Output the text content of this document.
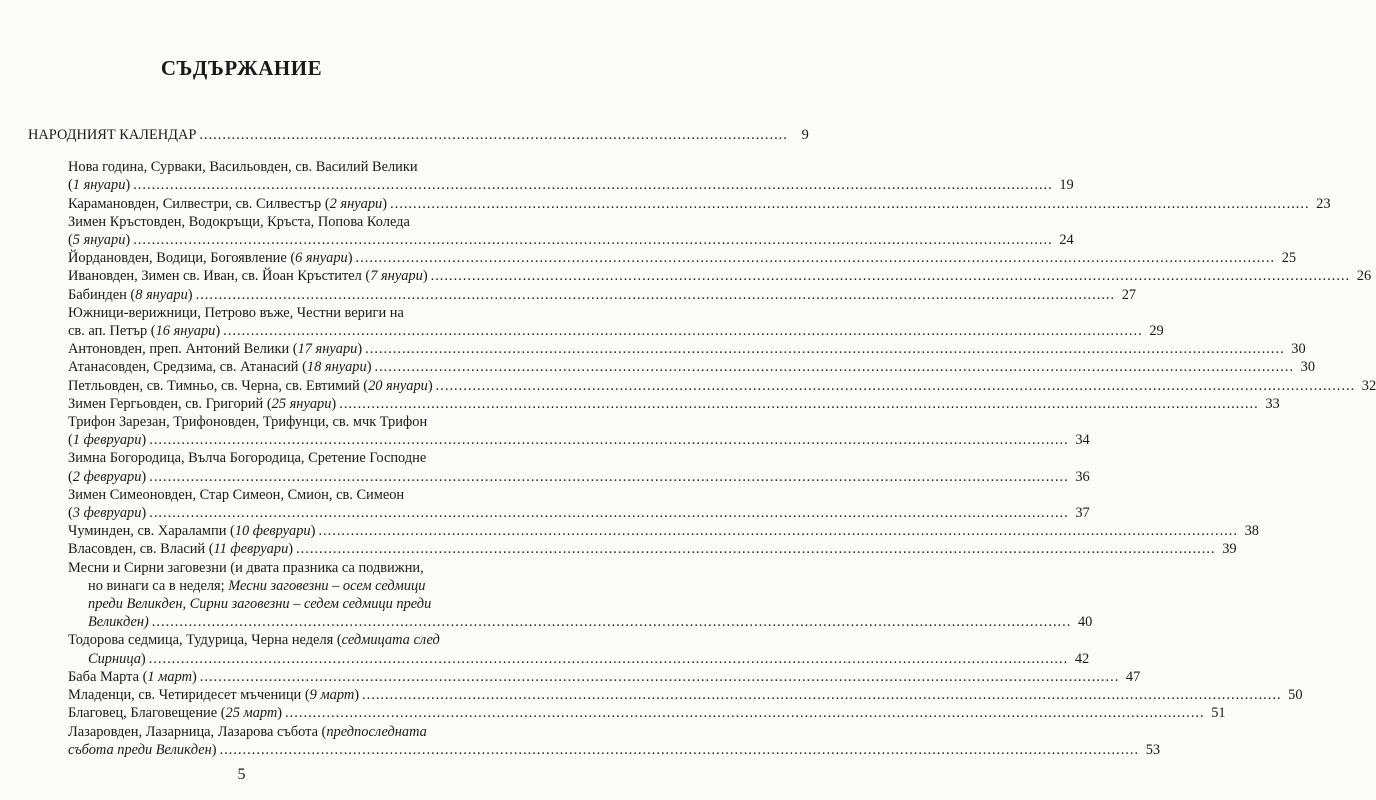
СЪДЪРЖАНИЕ
НАРОДНИЯТ КАЛЕНДАР ................................................................................................................................ 9
Нова година, Сурваки, Васильовден, св. Василий Велики
(1 януари) ........................................................................................................................................................................................................ 19
Карамановден, Силвестри, св. Силвестър (2 януари) ........................................................................................................................................................................................................ 23
Зимен Кръстовден, Водокръщи, Кръста, Попова Коледа
(5 януари) ........................................................................................................................................................................................................ 24
Йордановден, Водици, Богоявление (6 януари) ........................................................................................................................................................................................................ 25
Ивановден, Зимен св. Иван, св. Йоан Кръстител (7 януари) ........................................................................................................................................................................................................ 26
Бабинден (8 януари) ........................................................................................................................................................................................................ 27
Южници-верижници, Петрово въже, Честни вериги на
св. ап. Петър (16 януари) ........................................................................................................................................................................................................ 29
Антоновден, преп. Антоний Велики (17 януари) ........................................................................................................................................................................................................ 30
Атанасовден, Средзима, св. Атанасий (18 януари) ........................................................................................................................................................................................................ 30
Петльовден, св. Тимньо, св. Черна, св. Евтимий (20 януари) ........................................................................................................................................................................................................ 32
Зимен Гергьовден, св. Григорий (25 януари) ........................................................................................................................................................................................................ 33
Трифон Зарезан, Трифоновден, Трифунци, св. мчк Трифон
(1 февруари) ........................................................................................................................................................................................................ 34
Зимна Богородица, Вълча Богородица, Сретение Господне
(2 февруари) ........................................................................................................................................................................................................ 36
Зимен Симеоновден, Стар Симеон, Смион, св. Симеон
(3 февруари) ........................................................................................................................................................................................................ 37
Чуминден, св. Харалампи (10 февруари) ........................................................................................................................................................................................................ 38
Власовден, св. Власий (11 февруари) ........................................................................................................................................................................................................ 39
Месни и Сирни заговезни (и двата празника са подвижни,
но винаги са в неделя; Месни заговезни – осем седмици
преди Великден, Сирни заговезни – седем седмици преди
Великден) ........................................................................................................................................................................................................ 40
Тодорова седмица, Тудурица, Черна неделя (седмицата след
Сирница) ........................................................................................................................................................................................................ 42
Баба Марта (1 март) ........................................................................................................................................................................................................ 47
Младенци, св. Четиридесет мъченици (9 март) ........................................................................................................................................................................................................ 50
Благовец, Благовещение (25 март) ........................................................................................................................................................................................................ 51
Лазаровден, Лазарница, Лазарова събота (предпоследната
събота преди Великден) ........................................................................................................................................................................................................ 53
5
